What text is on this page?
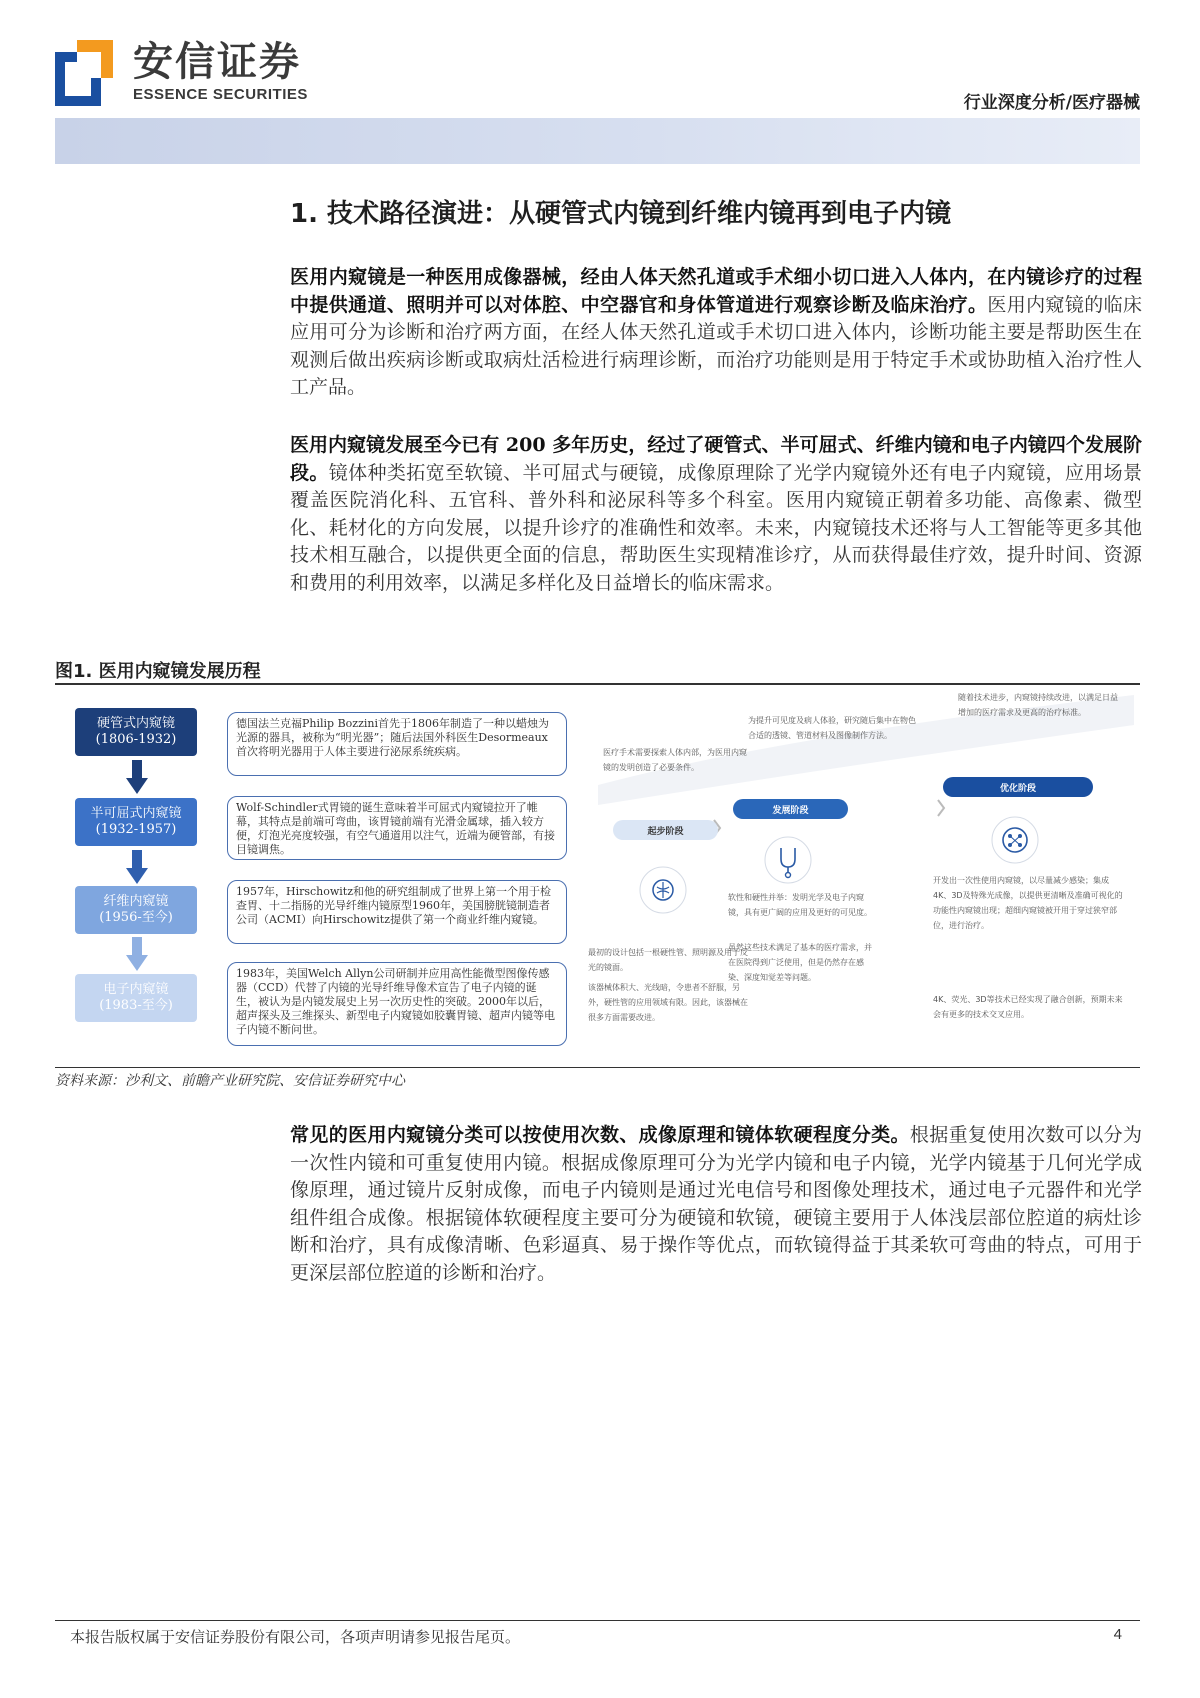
安信证券
ESSENCE SECURITIES	行业深度分析/医疗器械
1. 技术路径演进：从硬管式内镜到纤维内镜再到电子内镜

医用内窥镜是一种医用成像器械，经由人体天然孔道或手术细小切口进入人体内，在内镜诊疗的过程中提供通道、照明并可以对体腔、中空器官和身体管道进行观察诊断及临床治疗。医用内窥镜的临床应用可分为诊断和治疗两方面，在经人体天然孔道或手术切口进入体内，诊断功能主要是帮助医生在观测后做出疾病诊断或取病灶活检进行病理诊断，而治疗功能则是用于特定手术或协助植入治疗性人工产品。

医用内窥镜发展至今已有 200 多年历史，经过了硬管式、半可屈式、纤维内镜和电子内镜四个发展阶段。镜体种类拓宽至软镜、半可屈式与硬镜，成像原理除了光学内窥镜外还有电子内窥镜，应用场景覆盖医院消化科、五官科、普外科和泌尿科等多个科室。医用内窥镜正朝着多功能、高像素、微型化、耗材化的方向发展，以提升诊疗的准确性和效率。未来，内窥镜技术还将与人工智能等更多其他技术相互融合，以提供更全面的信息，帮助医生实现精准诊疗，从而获得最佳疗效，提升时间、资源和费用的利用效率，以满足多样化及日益增长的临床需求。

图1. 医用内窥镜发展历程
硬管式内窥镜
(1806-1932)
半可屈式内窥镜
(1932-1957)
纤维内窥镜
(1956-至今)
电子内窥镜
(1983-至今)
德国法兰克福Philip Bozzini首先于1806年制造了一种以蜡烛为光源的器具，被称为“明光器”；随后法国外科医生Desormeaux首次将明光器用于人体主要进行泌尿系统疾病。
Wolf-Schindler式胃镜的诞生意味着半可屈式内窥镜拉开了帷幕，其特点是前端可弯曲，该胃镜前端有光滑金属球，插入较方便，灯泡光亮度较强，有空气通道用以注气，近端为硬管部，有接目镜调焦。
1957年，Hirschowitz和他的研究组制成了世界上第一个用于检查胃、十二指肠的光导纤维内镜原型1960年，美国膀胱镜制造者公司（ACMI）向Hirschowitz提供了第一个商业纤维内窥镜。
1983年，美国Welch Allyn公司研制并应用高性能微型图像传感器（CCD）代替了内镜的光导纤维导像术宣告了电子内镜的诞生，被认为是内镜发展史上另一次历史性的突破。2000年以后，超声探头及三维探头、新型电子内窥镜如胶囊胃镜、超声内镜等电子内镜不断问世。
医疗手术需要探索人体内部，为医用内窥镜的发明创造了必要条件。
起步阶段
最初的设计包括一根硬性管、照明源及用于反光的镜面。
该器械体积大、光线暗，令患者不舒服，另外，硬性管的应用领域有限。因此，该器械在很多方面需要改进。
为提升可见度及病人体验，研究随后集中在物色合适的透镜、管道材料及图像制作方法。
发展阶段
软性和硬性并举：发明光学及电子内窥镜，具有更广阔的应用及更好的可见度。
虽然这些技术满足了基本的医疗需求，并在医院得到广泛使用，但是仍然存在感染、深度知觉差等问题。
随着技术进步，内窥镜持续改进，以满足日益增加的医疗需求及更高的治疗标准。
优化阶段
开发出一次性使用内窥镜，以尽量减少感染；集成4K、3D及特殊光成像，以提供更清晰及准确可视化的功能性内窥镜出现；超细内窥镜被开用于穿过狭窄部位，进行治疗。
4K、荧光、3D等技术已经实现了融合创新，预期未来会有更多的技术交叉应用。
资料来源：沙利文、前瞻产业研究院、安信证券研究中心

常见的医用内窥镜分类可以按使用次数、成像原理和镜体软硬程度分类。根据重复使用次数可以分为一次性内镜和可重复使用内镜。根据成像原理可分为光学内镜和电子内镜，光学内镜基于几何光学成像原理，通过镜片反射成像，而电子内镜则是通过光电信号和图像处理技术，通过电子元器件和光学组件组合成像。根据镜体软硬程度主要可分为硬镜和软镜，硬镜主要用于人体浅层部位腔道的病灶诊断和治疗，具有成像清晰、色彩逼真、易于操作等优点，而软镜得益于其柔软可弯曲的特点，可用于更深层部位腔道的诊断和治疗。

本报告版权属于安信证券股份有限公司，各项声明请参见报告尾页。	4
